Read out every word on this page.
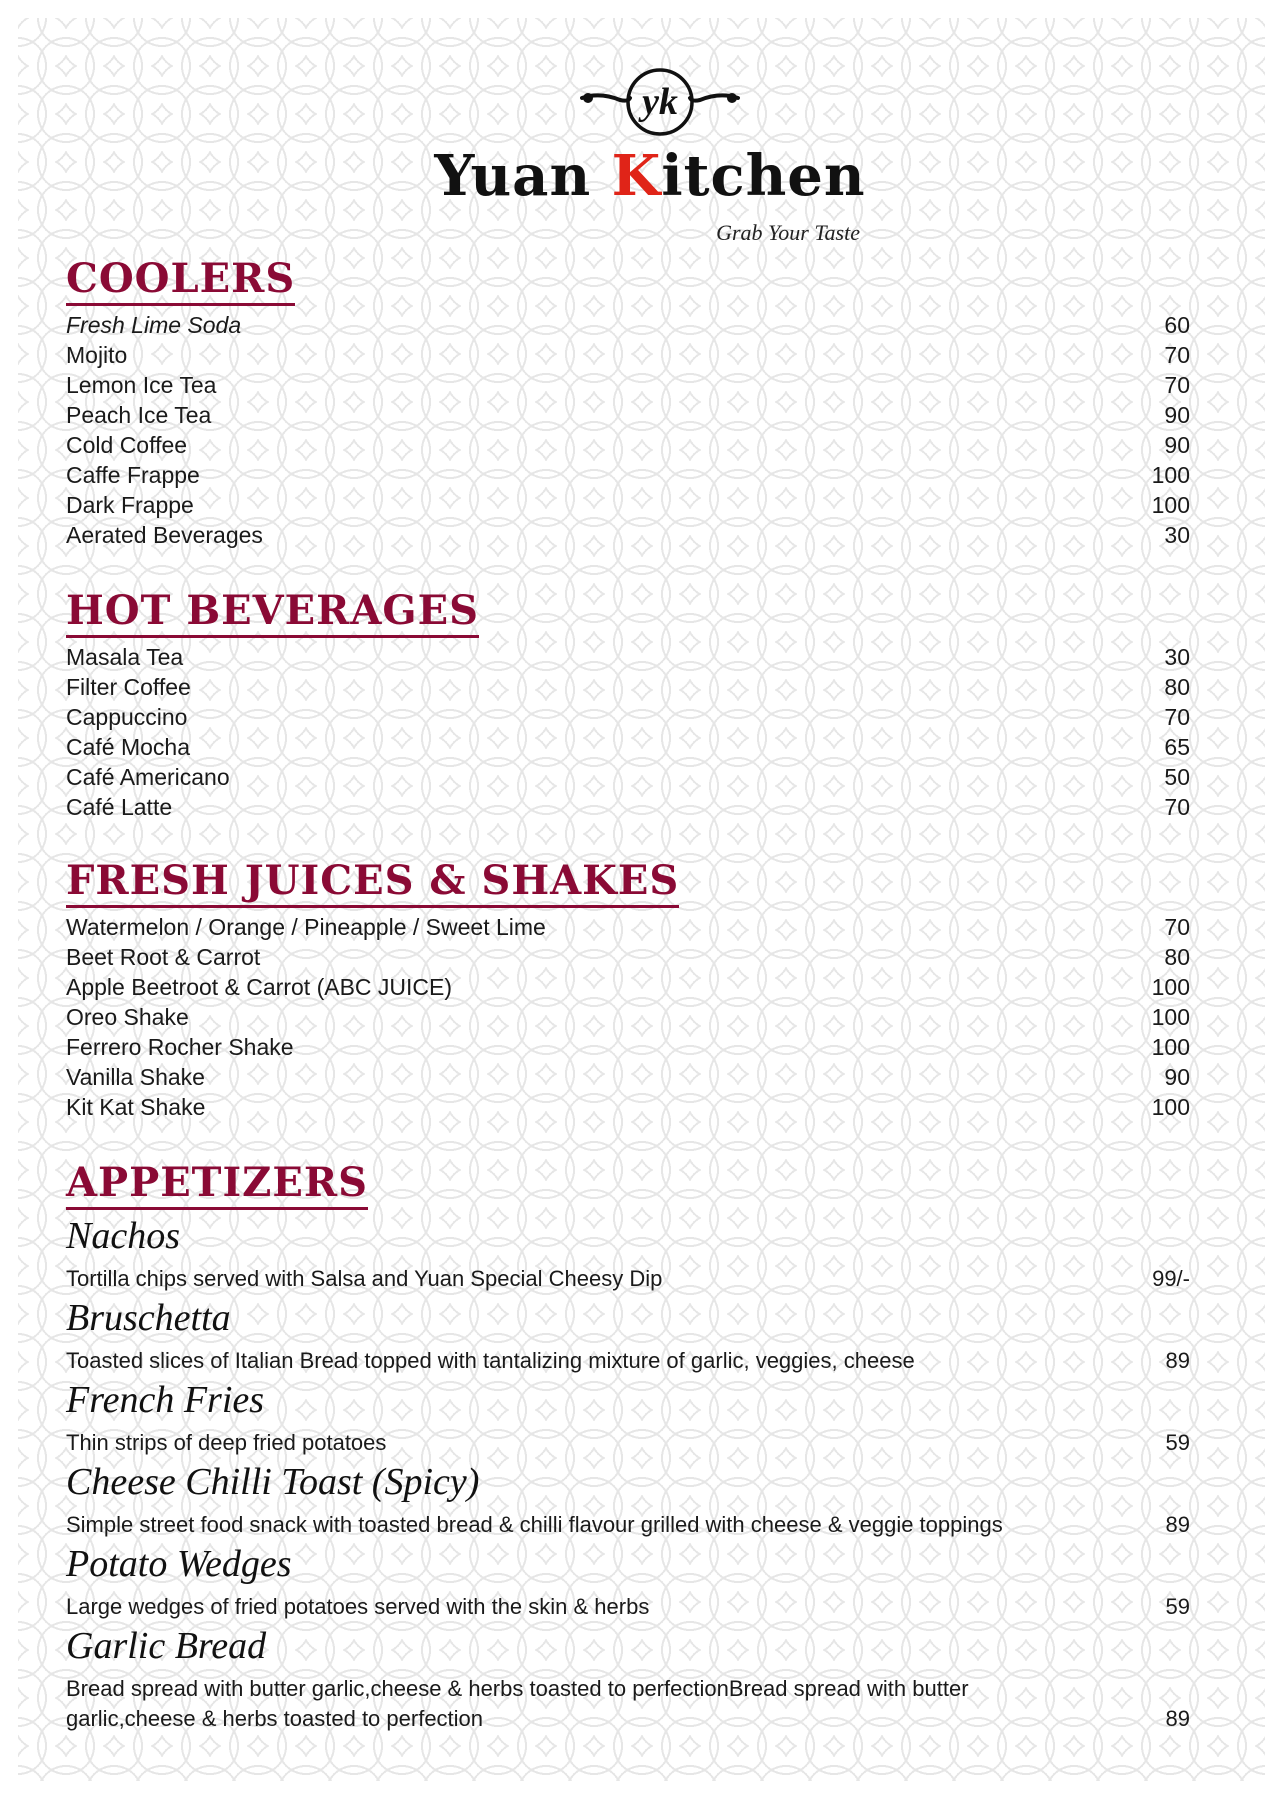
yk
Yuan Kitchen
Grab Your Taste
COOLERS
Fresh Lime Soda	60
Mojito	70
Lemon Ice Tea	70
Peach Ice Tea	90
Cold Coffee	90
Caffe Frappe	100
Dark Frappe	100
Aerated Beverages	30
HOT BEVERAGES
Masala Tea	30
Filter Coffee	80
Cappuccino	70
Café Mocha	65
Café Americano	50
Café Latte	70
FRESH JUICES & SHAKES
Watermelon / Orange / Pineapple / Sweet Lime	70
Beet Root & Carrot	80
Apple Beetroot & Carrot (ABC JUICE)	100
Oreo Shake	100
Ferrero Rocher Shake	100
Vanilla Shake	90
Kit Kat Shake	100
APPETIZERS
Nachos
Tortilla chips served with Salsa and Yuan Special Cheesy Dip	99/-
Bruschetta
Toasted slices of Italian Bread topped with tantalizing mixture of garlic, veggies, cheese	89
French Fries
Thin strips of deep fried potatoes	59
Cheese Chilli Toast (Spicy)
Simple street food snack with toasted bread & chilli flavour grilled with cheese & veggie toppings	89
Potato Wedges
Large wedges of fried potatoes served with the skin & herbs	59
Garlic Bread
Bread spread with butter garlic,cheese & herbs toasted to perfectionBread spread with butter garlic,cheese & herbs toasted to perfection	89
